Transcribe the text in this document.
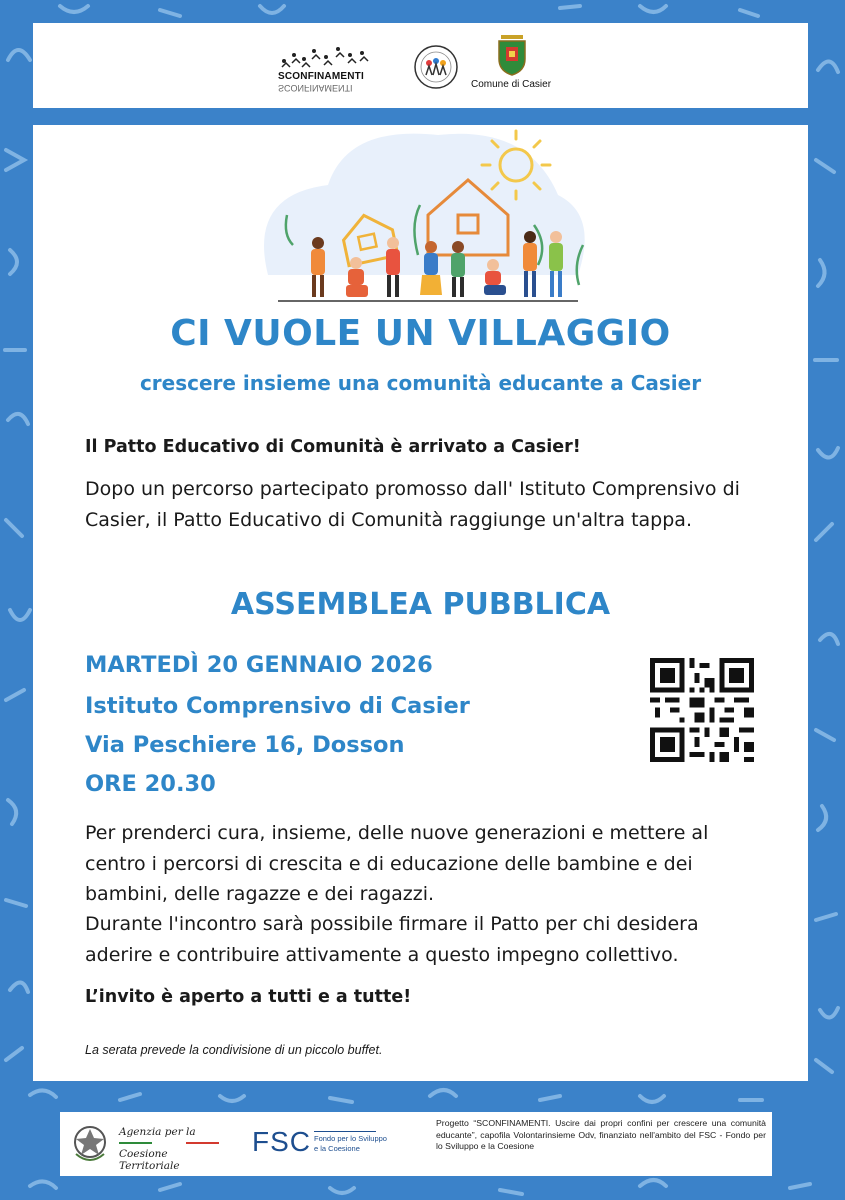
SCONFINAMENTI
SCONFINAMENTI	Comune di Casier
CI VUOLE UN VILLAGGIO
crescere insieme una comunità educante a Casier
Il Patto Educativo di Comunità è arrivato a Casier!
Dopo un percorso partecipato promosso dall' Istituto Comprensivo di Casier, il Patto Educativo di Comunità raggiunge un'altra tappa.
ASSEMBLEA PUBBLICA
MARTEDÌ 20 GENNAIO 2026
Istituto Comprensivo di Casier
Via Peschiere 16, Dosson
ORE 20.30
Per prenderci cura, insieme, delle nuove generazioni e mettere al centro i percorsi di crescita e di educazione delle bambine e dei bambini, delle ragazze e dei ragazzi.
Durante l'incontro sarà possibile firmare il Patto per chi desidera aderire e contribuire attivamente a questo impegno collettivo.
L’invito è aperto a tutti e a tutte!
La serata prevede la condivisione di un piccolo buffet.
Agenzia per la
Coesione Territoriale
FSC Fondo per lo Sviluppo
e la Coesione
Progetto “SCONFINAMENTI. Uscire dai propri confini per crescere una comunità educante”, capofila Volontarinsieme Odv, finanziato nell'ambito del FSC - Fondo per lo Sviluppo e la Coesione
